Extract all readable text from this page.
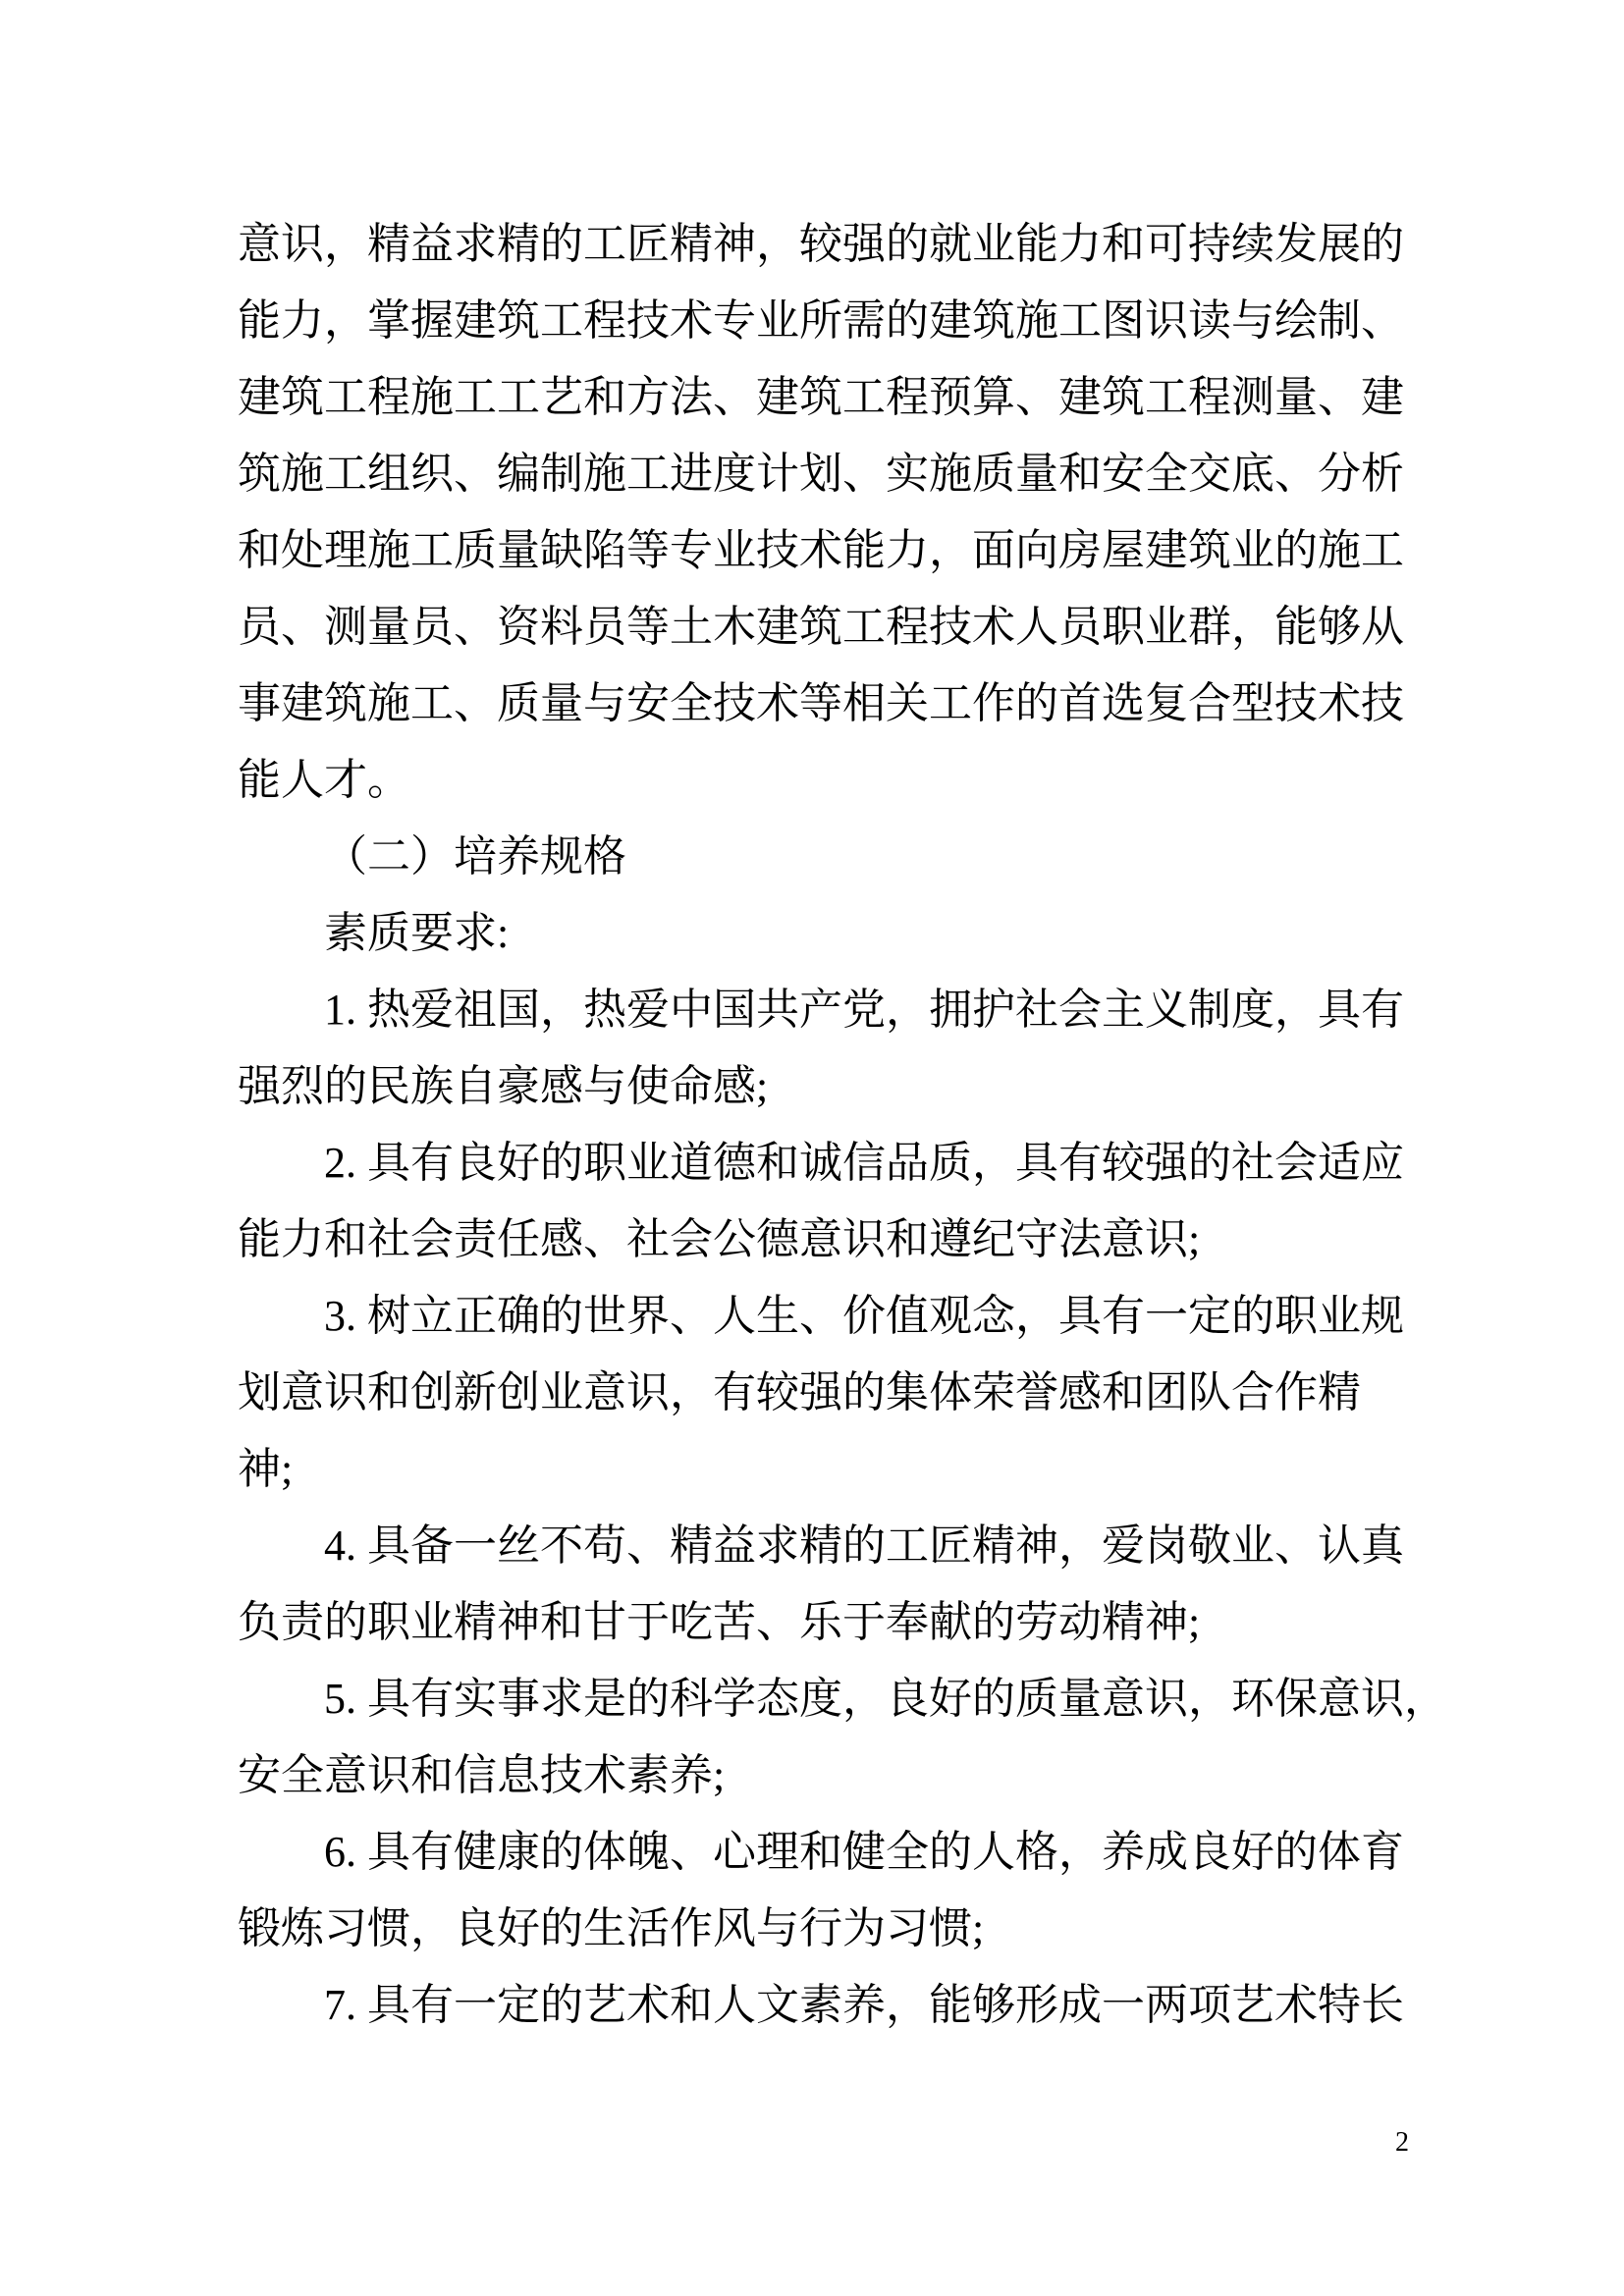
意识，精益求精的工匠精神，较强的就业能力和可持续发展的
能力，掌握建筑工程技术专业所需的建筑施工图识读与绘制、
建筑工程施工工艺和方法、建筑工程预算、建筑工程测量、建
筑施工组织、编制施工进度计划、实施质量和安全交底、分析
和处理施工质量缺陷等专业技术能力，面向房屋建筑业的施工
员、测量员、资料员等土木建筑工程技术人员职业群，能够从
事建筑施工、质量与安全技术等相关工作的首选复合型技术技
能人才。
（二）培养规格
素质要求:
1. 热爱祖国，热爱中国共产党，拥护社会主义制度，具有
强烈的民族自豪感与使命感;
2. 具有良好的职业道德和诚信品质，具有较强的社会适应
能力和社会责任感、社会公德意识和遵纪守法意识;
3. 树立正确的世界、人生、价值观念，具有一定的职业规
划意识和创新创业意识，有较强的集体荣誉感和团队合作精
神;
4. 具备一丝不苟、精益求精的工匠精神，爱岗敬业、认真
负责的职业精神和甘于吃苦、乐于奉献的劳动精神;
5. 具有实事求是的科学态度，良好的质量意识，环保意识，
安全意识和信息技术素养;
6. 具有健康的体魄、心理和健全的人格，养成良好的体育
锻炼习惯，良好的生活作风与行为习惯;
7. 具有一定的艺术和人文素养，能够形成一两项艺术特长
2
